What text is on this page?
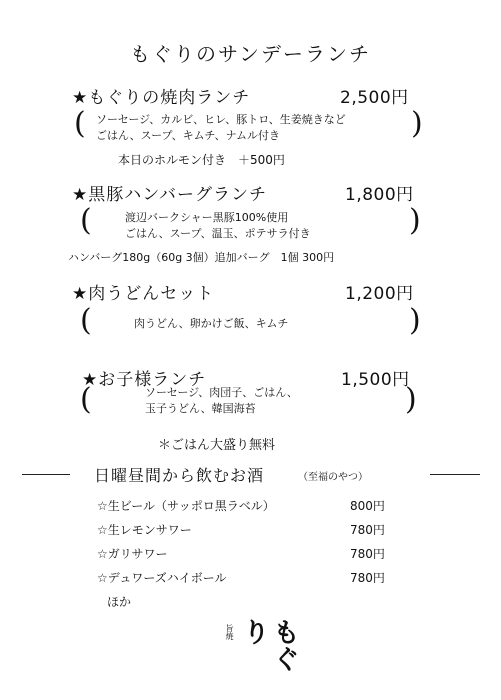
もぐりのサンデーランチ
★もぐりの焼肉ランチ	2,500円
( ソーセージ、カルビ、ヒレ、豚トロ、生姜焼きなど
ごはん、スープ、キムチ、ナムル付き	)
本日のホルモン付き　＋500円
★黒豚ハンバーグランチ	1,800円
(	渡辺バークシャー黒豚100%使用
ごはん、スープ、温玉、ポテサラ付き	)
ハンバーグ180g（60g 3個）追加バーグ　1個 300円
★肉うどんセット	1,200円
(	肉うどん、卵かけご飯、キムチ	)
★お子様ランチ	1,500円
(	ソーセージ、肉団子、ごはん、
玉子うどん、韓国海苔	)
＊ごはん大盛り無料
日曜昼間から飲むお酒	（至福のやつ）
☆生ビール（サッポロ黒ラベル）	800円
☆生レモンサワー	780円
☆ガリサワー	780円
☆デュワーズハイボール	780円
ほか
旨焼	もぐり
